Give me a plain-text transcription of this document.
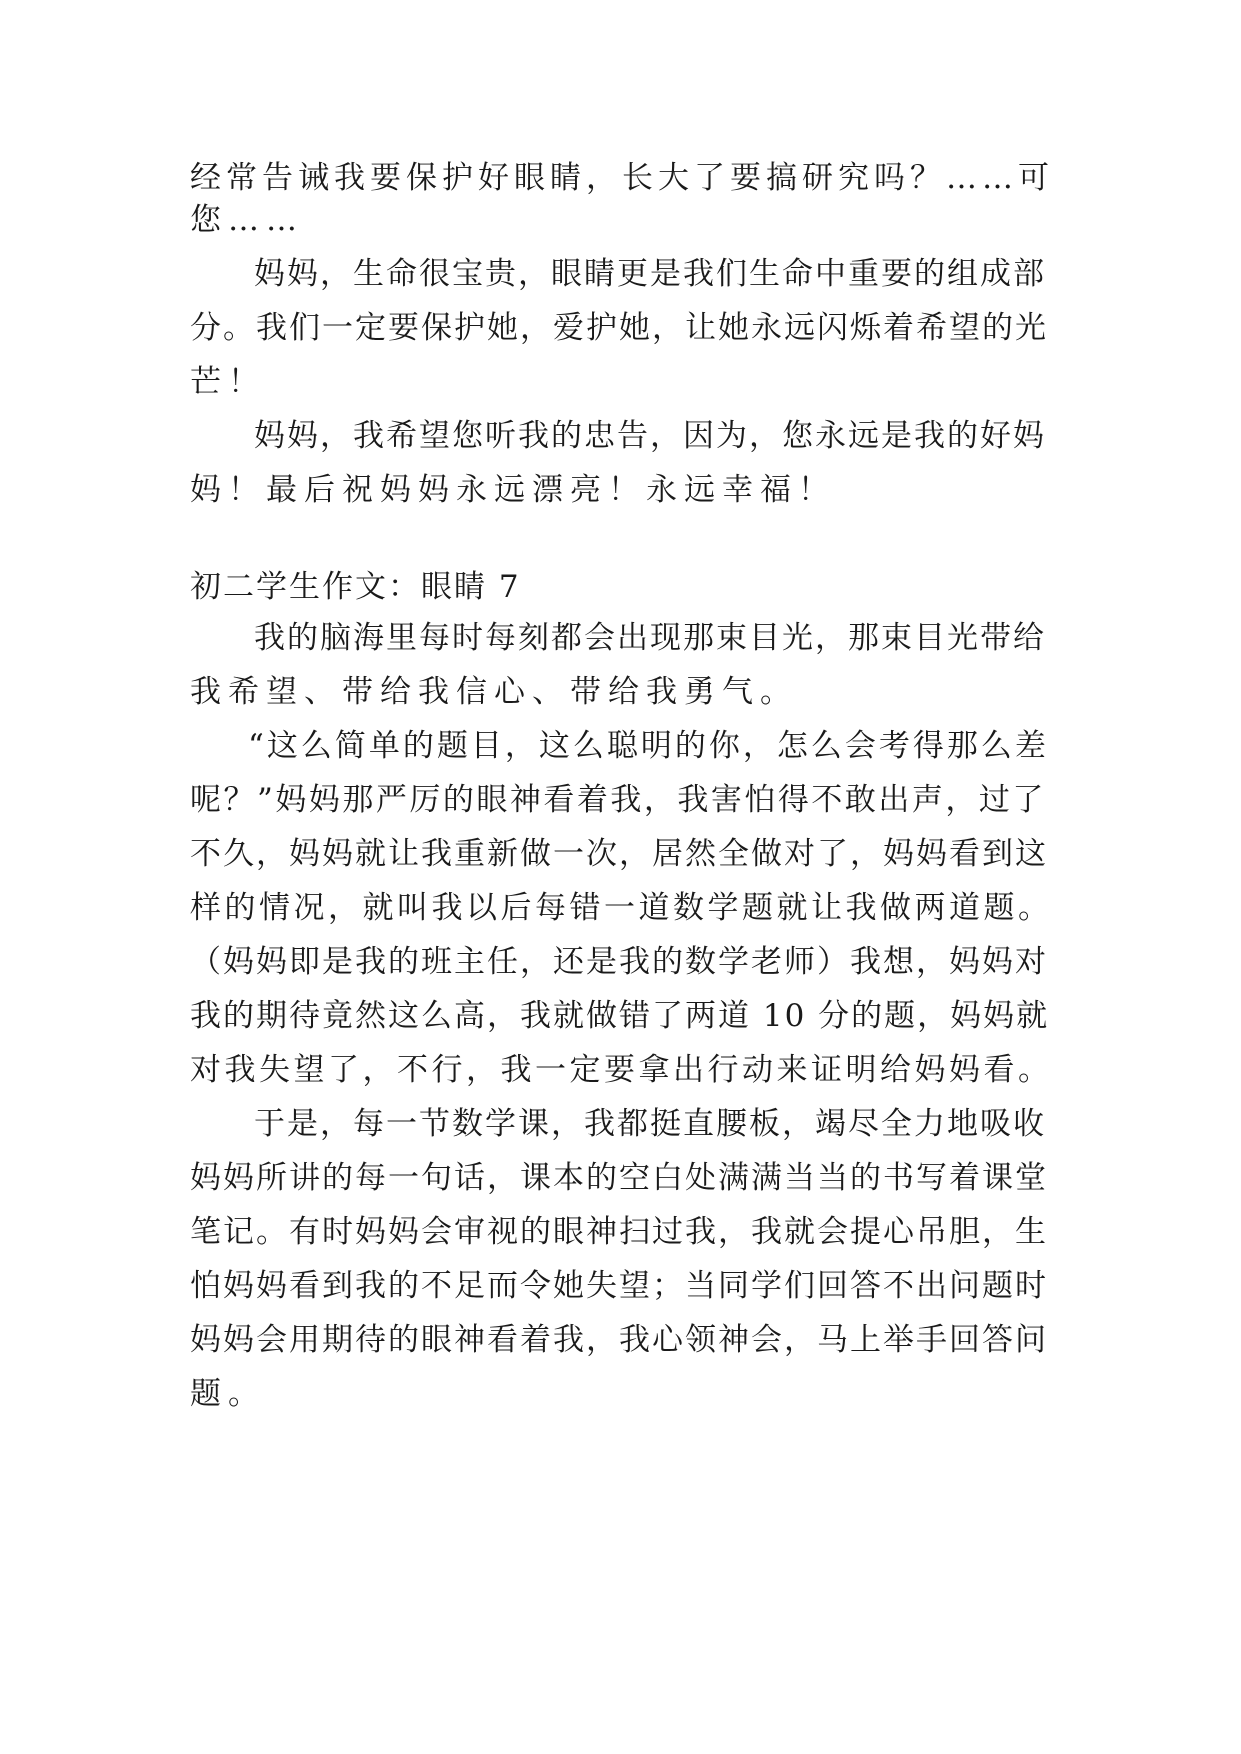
经常告诫我要保护好眼睛，长大了要搞研究吗？……可
您……
妈妈，生命很宝贵，眼睛更是我们生命中重要的组成部
分。我们一定要保护她，爱护她，让她永远闪烁着希望的光
芒！
妈妈，我希望您听我的忠告，因为，您永远是我的好妈
妈！最后祝妈妈永远漂亮！永远幸福！
初二学生作文：眼睛 7
我的脑海里每时每刻都会出现那束目光，那束目光带给
我希望、带给我信心、带给我勇气。
“这么简单的题目，这么聪明的你，怎么会考得那么差
呢？”妈妈那严厉的眼神看着我，我害怕得不敢出声，过了
不久，妈妈就让我重新做一次，居然全做对了，妈妈看到这
样的情况，就叫我以后每错一道数学题就让我做两道题。
（妈妈即是我的班主任，还是我的数学老师）我想，妈妈对
我的期待竟然这么高，我就做错了两道 10 分的题，妈妈就
对我失望了，不行，我一定要拿出行动来证明给妈妈看。
于是，每一节数学课，我都挺直腰板，竭尽全力地吸收
妈妈所讲的每一句话，课本的空白处满满当当的书写着课堂
笔记。有时妈妈会审视的眼神扫过我，我就会提心吊胆，生
怕妈妈看到我的不足而令她失望；当同学们回答不出问题时
妈妈会用期待的眼神看着我，我心领神会，马上举手回答问
题。
